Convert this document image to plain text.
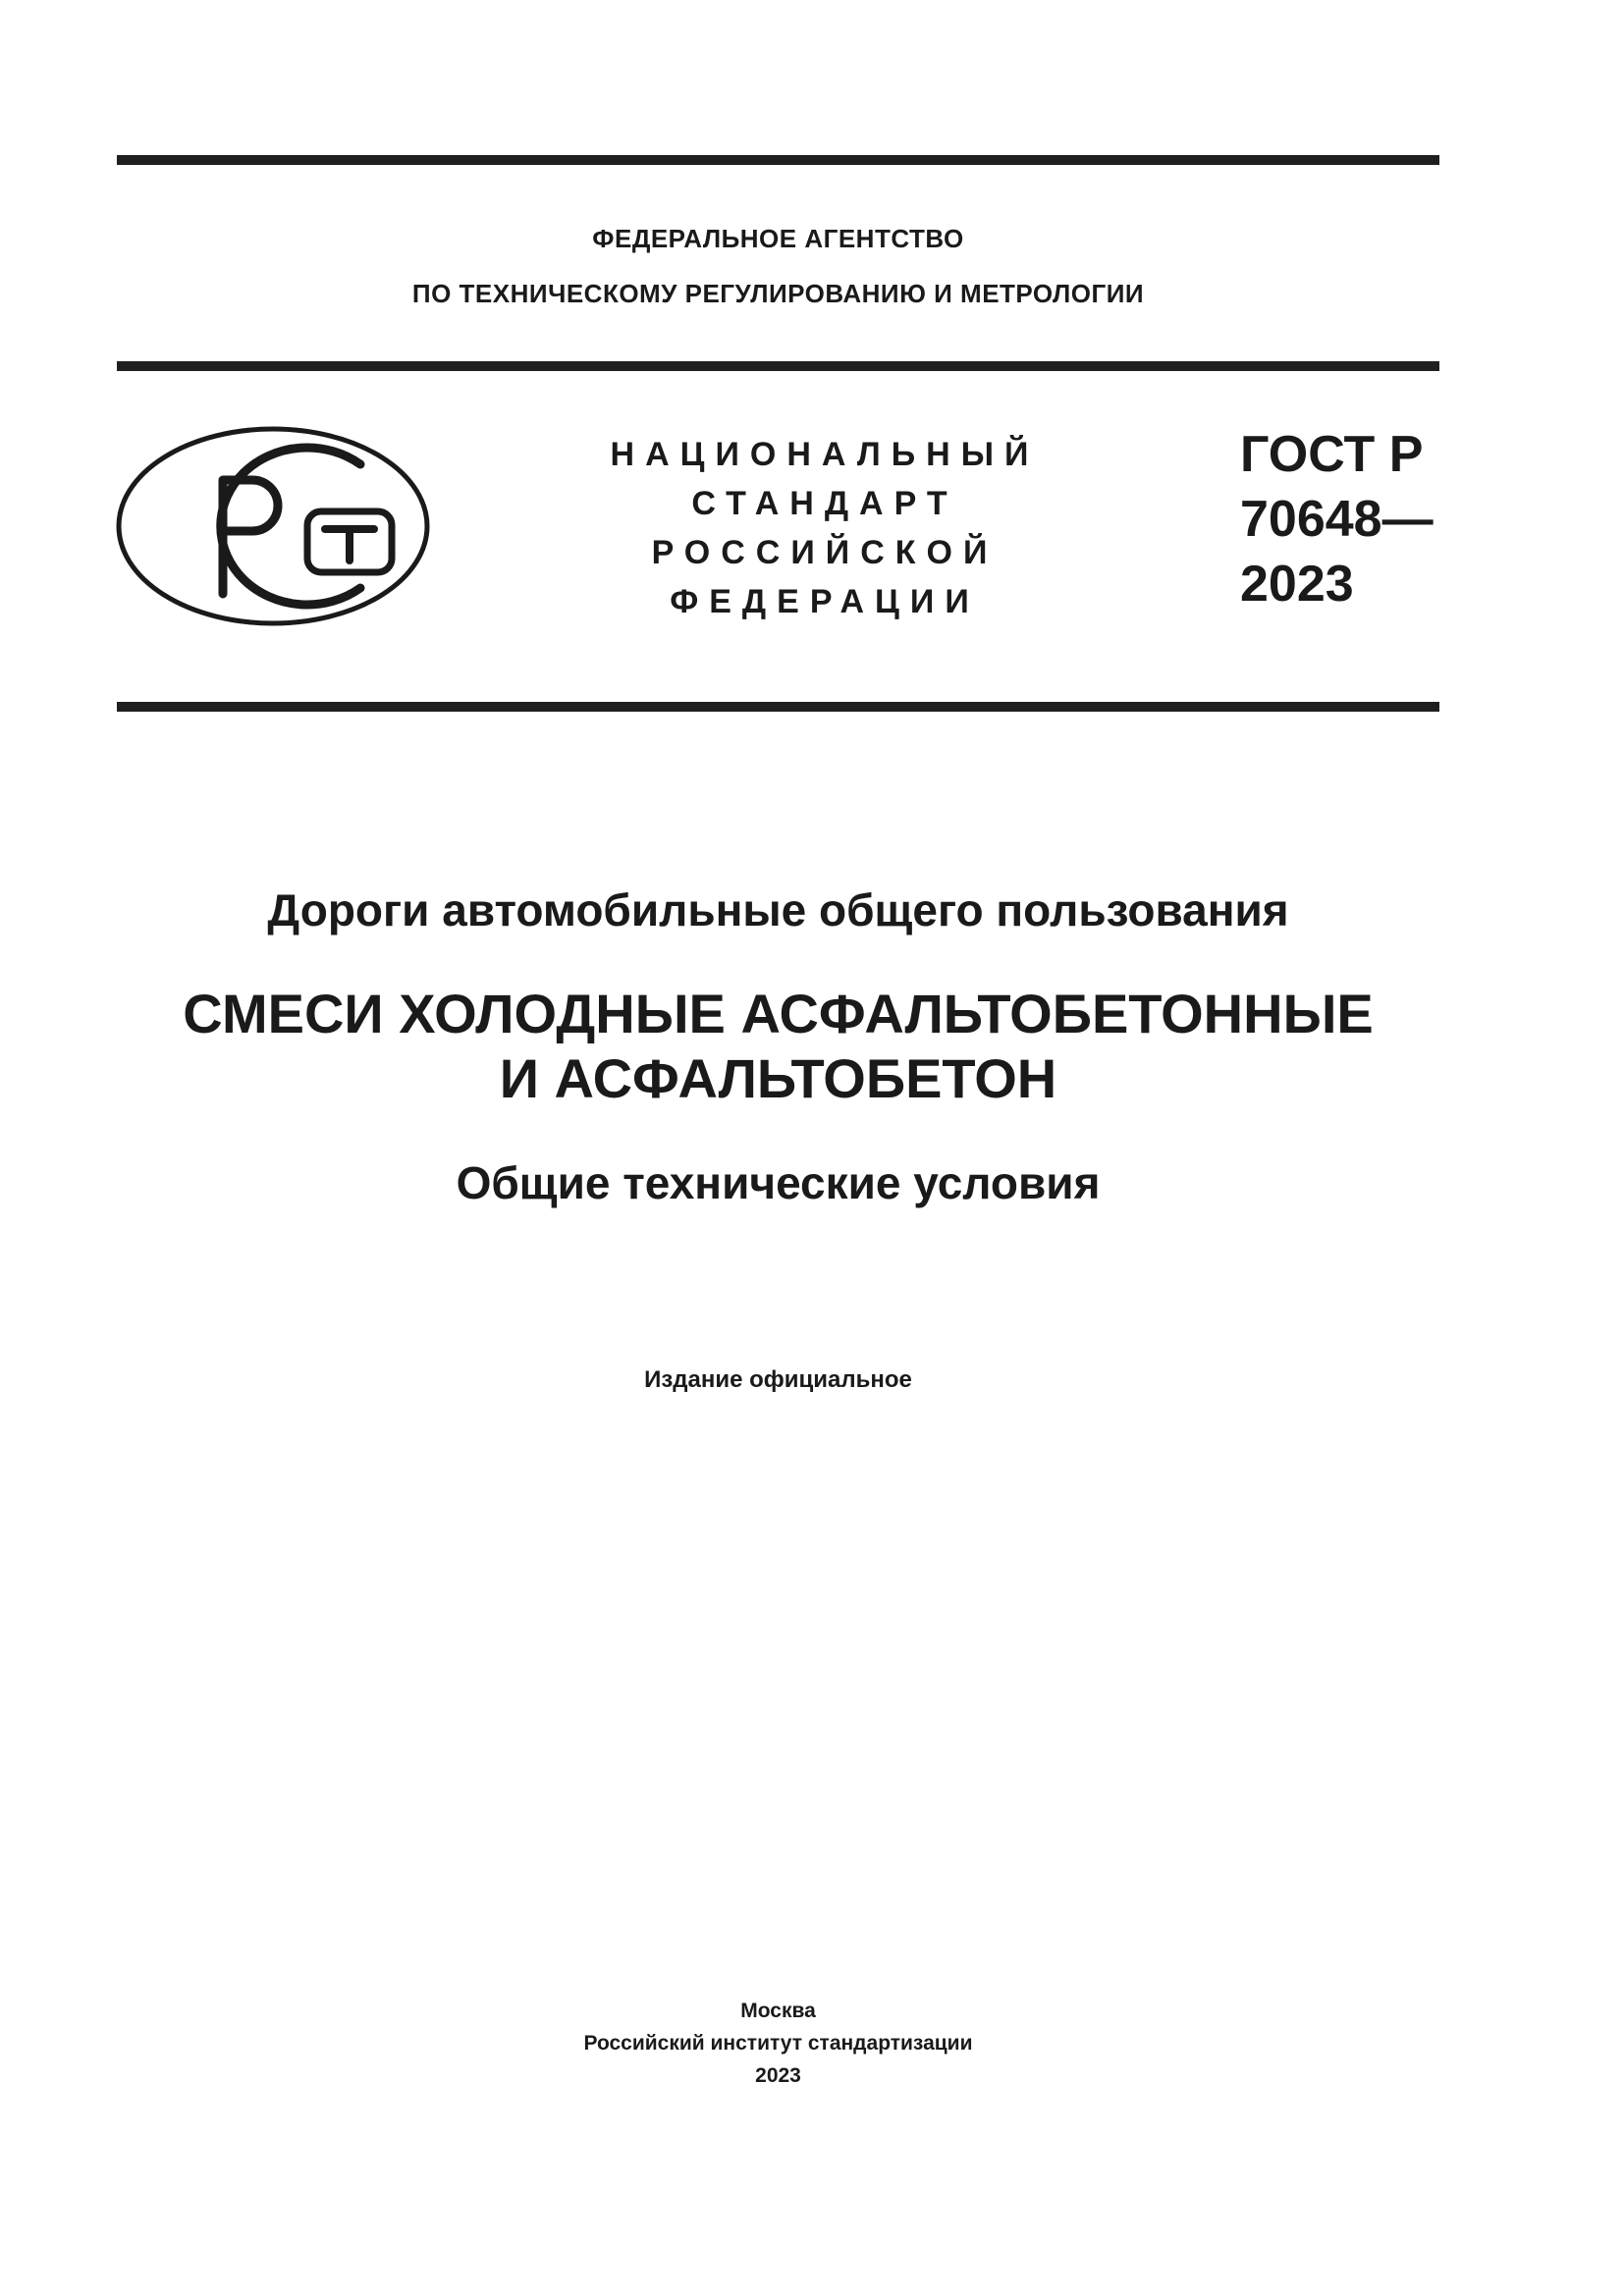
ФЕДЕРАЛЬНОЕ АГЕНТСТВО
ПО ТЕХНИЧЕСКОМУ РЕГУЛИРОВАНИЮ И МЕТРОЛОГИИ
НАЦИОНАЛЬНЫЙ
СТАНДАРТ
РОССИЙСКОЙ
ФЕДЕРАЦИИ
ГОСТ Р
70648—
2023
Дороги автомобильные общего пользования
СМЕСИ ХОЛОДНЫЕ АСФАЛЬТОБЕТОННЫЕ
И АСФАЛЬТОБЕТОН
Общие технические условия
Издание официальное
Москва
Российский институт стандартизации
2023
